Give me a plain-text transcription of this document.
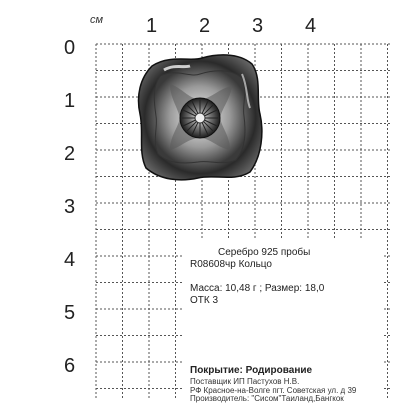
см 1 2 3 4
0
1
2
3
4
5
6
Серебро 925 пробы
R08608чр Кольцо
Масса: 10,48 г ; Размер: 18,0
ОТК 3
Покрытие: Родирование
Поставщик ИП Пастухов Н.В.
РФ Красное-на-Волге пгт. Советская ул. д 39
Производитель: "Сисом"Таиланд,Бангкок
